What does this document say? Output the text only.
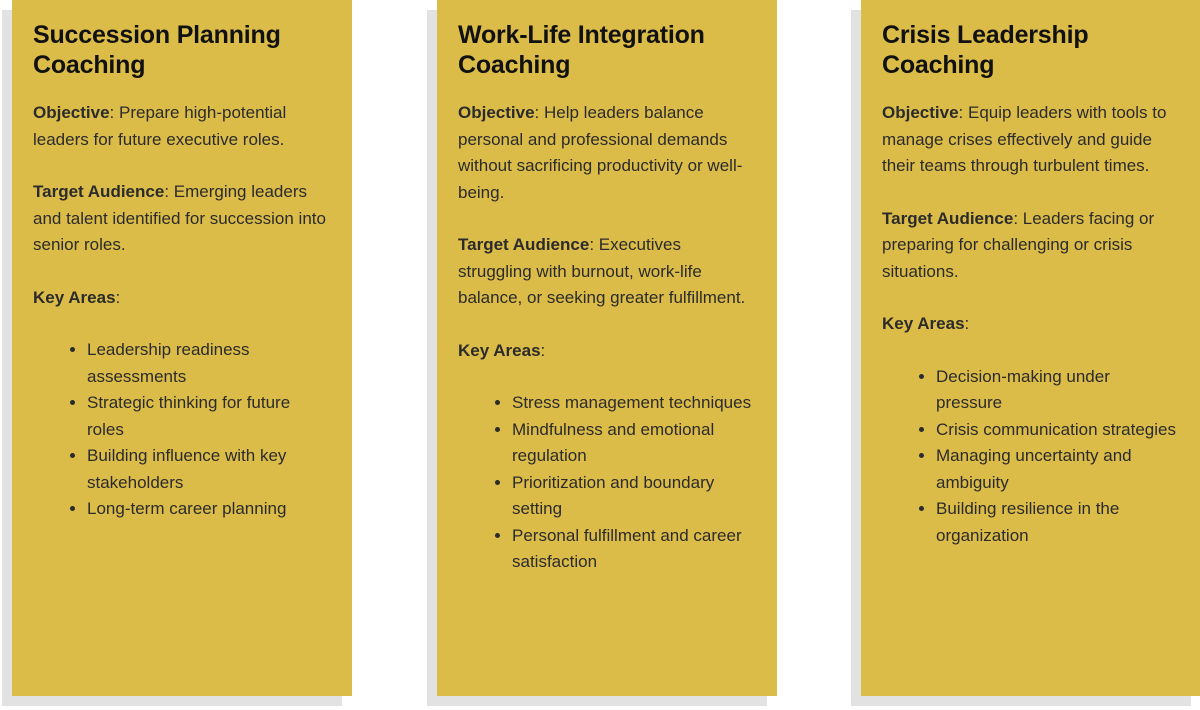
Succession Planning Coaching

Objective: Prepare high-potential leaders for future executive roles.

Target Audience: Emerging leaders and talent identified for succession into senior roles.

Key Areas:

• Leadership readiness assessments
• Strategic thinking for future roles
• Building influence with key stakeholders
• Long-term career planning
Work-Life Integration Coaching

Objective: Help leaders balance personal and professional demands without sacrificing productivity or well-being.

Target Audience: Executives struggling with burnout, work-life balance, or seeking greater fulfillment.

Key Areas:

• Stress management techniques
• Mindfulness and emotional regulation
• Prioritization and boundary setting
• Personal fulfillment and career satisfaction
Crisis Leadership Coaching

Objective: Equip leaders with tools to manage crises effectively and guide their teams through turbulent times.

Target Audience: Leaders facing or preparing for challenging or crisis situations.

Key Areas:

• Decision-making under pressure
• Crisis communication strategies
• Managing uncertainty and ambiguity
• Building resilience in the organization
